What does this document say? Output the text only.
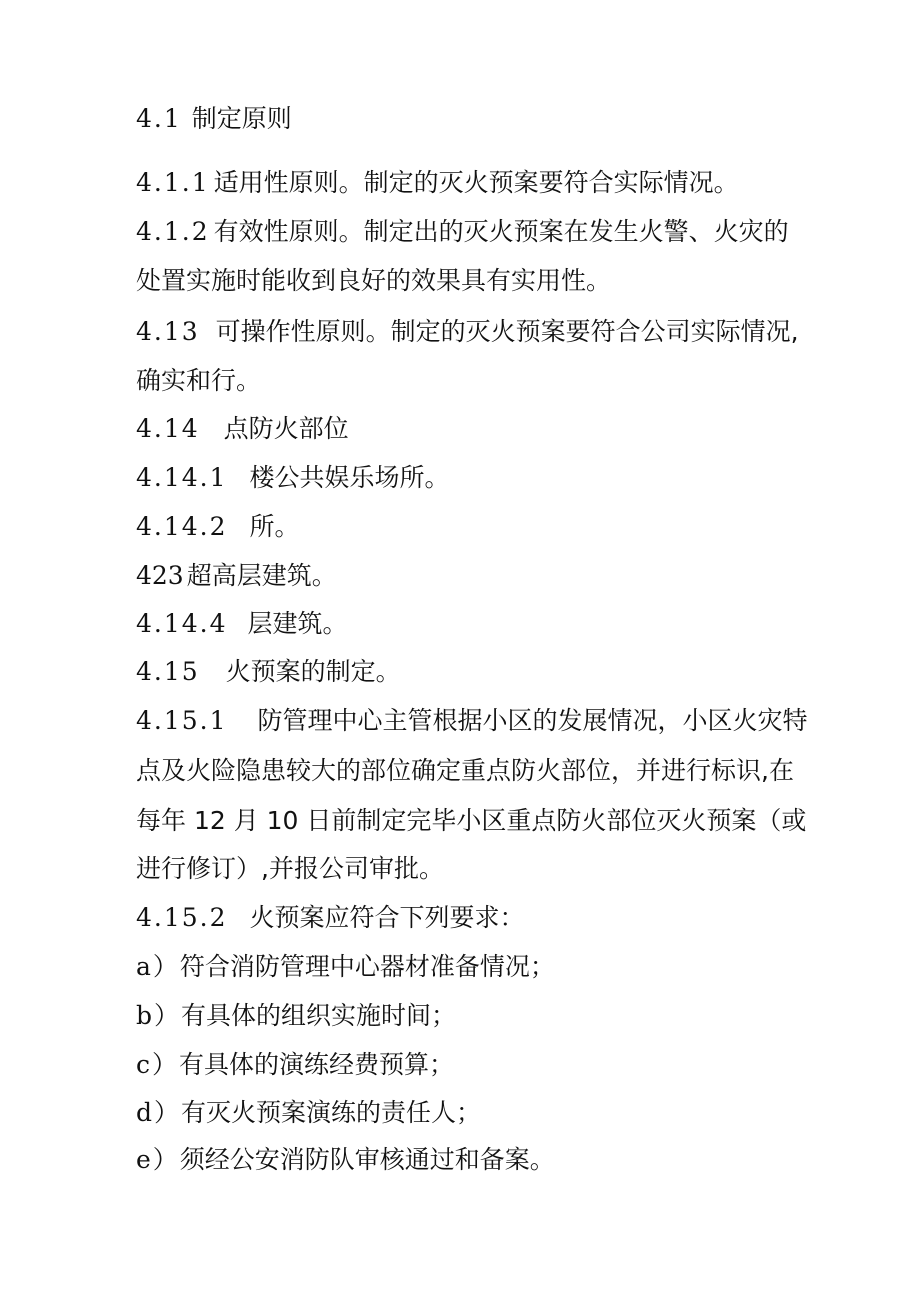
4.1 制定原则

4.1.1 适用性原则。制定的灭火预案要符合实际情况。

4.1.2 有效性原则。制定出的灭火预案在发生火警、火灾的

处置实施时能收到良好的效果具有实用性。

4.13 可操作性原则。制定的灭火预案要符合公司实际情况,

确实和行。

4.14 点防火部位

4.14.1 楼公共娱乐场所。

4.14.2 所。

423 超高层建筑。

4.14.4 层建筑。

4.15 火预案的制定。

4.15.1 防管理中心主管根据小区的发展情况，小区火灾特

点及火险隐患较大的部位确定重点防火部位，并进行标识,在

每年 12 月 10 日前制定完毕小区重点防火部位灭火预案（或

进行修订）,并报公司审批。

4.15.2 火预案应符合下列要求：

a）符合消防管理中心器材准备情况；

b）有具体的组织实施时间；

c）有具体的演练经费预算；

d）有灭火预案演练的责任人；

e）须经公安消防队审核通过和备案。
